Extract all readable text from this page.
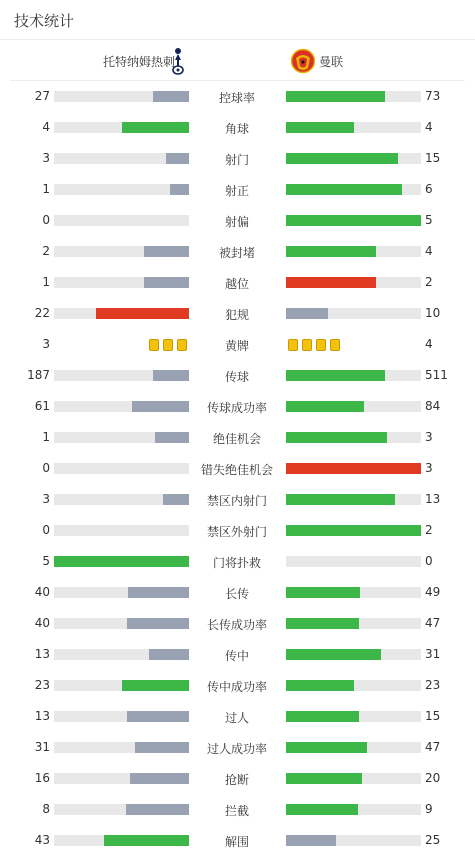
技术统计
托特纳姆热刺	曼联
27	控球率	73
4	角球	4
3	射门	15
1	射正	6
0	射偏	5
2	被封堵	4
1	越位	2
22	犯规	10
3	黄牌	4
187	传球	511
61	传球成功率	84
1	绝佳机会	3
0	错失绝佳机会	3
3	禁区内射门	13
0	禁区外射门	2
5	门将扑救	0
40	长传	49
40	长传成功率	47
13	传中	31
23	传中成功率	23
13	过人	15
31	过人成功率	47
16	抢断	20
8	拦截	9
43	解围	25
